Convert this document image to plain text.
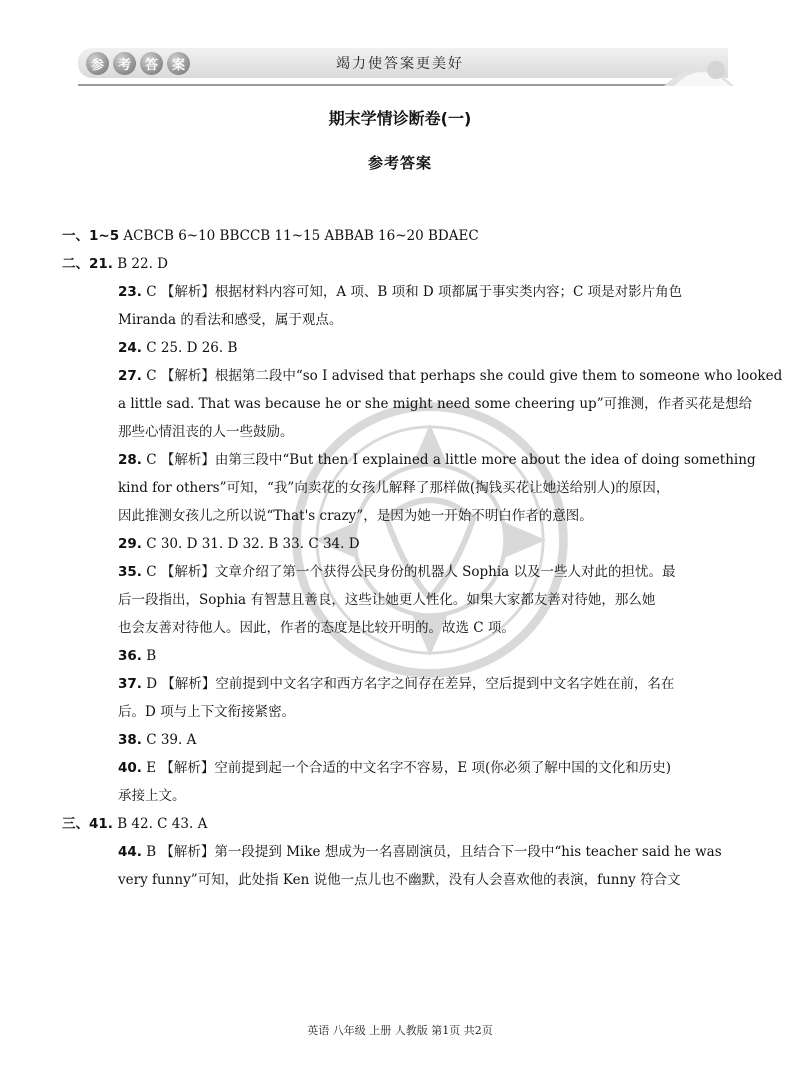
参	考	答	案	竭力使答案更美好
期末学情诊断卷(一)
参考答案
一、1~5 ACBCB 6~10 BBCCB 11~15 ABBAB 16~20 BDAEC
二、21. B 22. D
23. C 【解析】根据材料内容可知，A 项、B 项和 D 项都属于事实类内容；C 项是对影片角色
Miranda 的看法和感受，属于观点。
24. C 25. D 26. B
27. C 【解析】根据第二段中“so I advised that perhaps she could give them to someone who looked
a little sad. That was because he or she might need some cheering up”可推测，作者买花是想给
那些心情沮丧的人一些鼓励。
28. C 【解析】由第三段中“But then I explained a little more about the idea of doing something
kind for others”可知，“我”向卖花的女孩儿解释了那样做(掏钱买花让她送给别人)的原因，
因此推测女孩儿之所以说“That's crazy”，是因为她一开始不明白作者的意图。
29. C 30. D 31. D 32. B 33. C 34. D
35. C 【解析】文章介绍了第一个获得公民身份的机器人 Sophia 以及一些人对此的担忧。最
后一段指出，Sophia 有智慧且善良，这些让她更人性化。如果大家都友善对待她，那么她
也会友善对待他人。因此，作者的态度是比较开明的。故选 C 项。
36. B
37. D 【解析】空前提到中文名字和西方名字之间存在差异，空后提到中文名字姓在前，名在
后。D 项与上下文衔接紧密。
38. C 39. A
40. E 【解析】空前提到起一个合适的中文名字不容易，E 项(你必须了解中国的文化和历史)
承接上文。
三、41. B 42. C 43. A
44. B 【解析】第一段提到 Mike 想成为一名喜剧演员，且结合下一段中“his teacher said he was
very funny”可知，此处指 Ken 说他一点儿也不幽默，没有人会喜欢他的表演，funny 符合文
英语 八年级 上册 人教版 第1页 共2页
